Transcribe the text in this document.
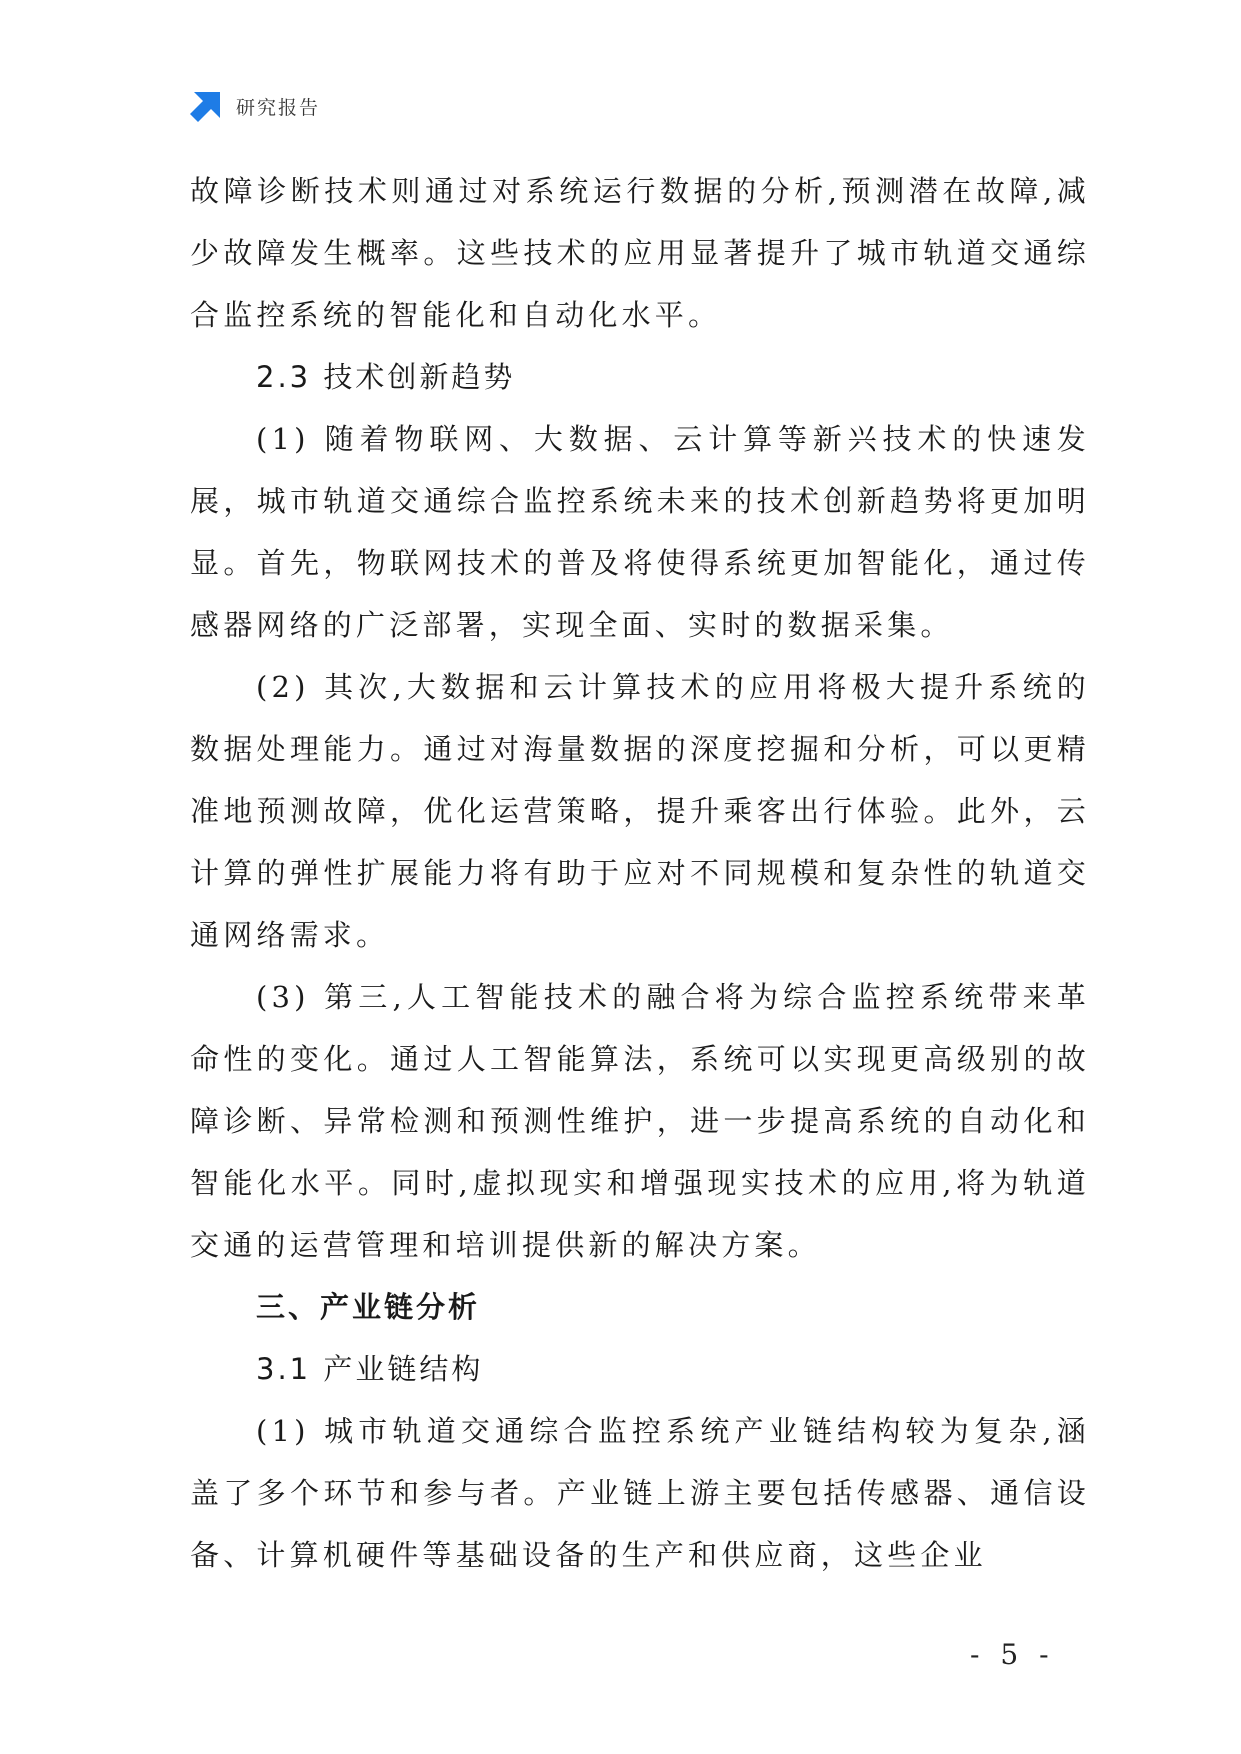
研究报告

故障诊断技术则通过对系统运行数据的分析,预测潜在故障,减少故障发生概率。这些技术的应用显著提升了城市轨道交通综合监控系统的智能化和自动化水平。

2.3 技术创新趋势

(1) 随着物联网、大数据、云计算等新兴技术的快速发展，城市轨道交通综合监控系统未来的技术创新趋势将更加明显。首先，物联网技术的普及将使得系统更加智能化，通过传感器网络的广泛部署，实现全面、实时的数据采集。

(2) 其次,大数据和云计算技术的应用将极大提升系统的数据处理能力。通过对海量数据的深度挖掘和分析，可以更精准地预测故障，优化运营策略，提升乘客出行体验。此外，云计算的弹性扩展能力将有助于应对不同规模和复杂性的轨道交通网络需求。

(3) 第三,人工智能技术的融合将为综合监控系统带来革命性的变化。通过人工智能算法，系统可以实现更高级别的故障诊断、异常检测和预测性维护，进一步提高系统的自动化和智能化水平。同时,虚拟现实和增强现实技术的应用,将为轨道交通的运营管理和培训提供新的解决方案。

三、产业链分析

3.1 产业链结构

(1) 城市轨道交通综合监控系统产业链结构较为复杂,涵盖了多个环节和参与者。产业链上游主要包括传感器、通信设备、计算机硬件等基础设备的生产和供应商，这些企业

- 5 -
